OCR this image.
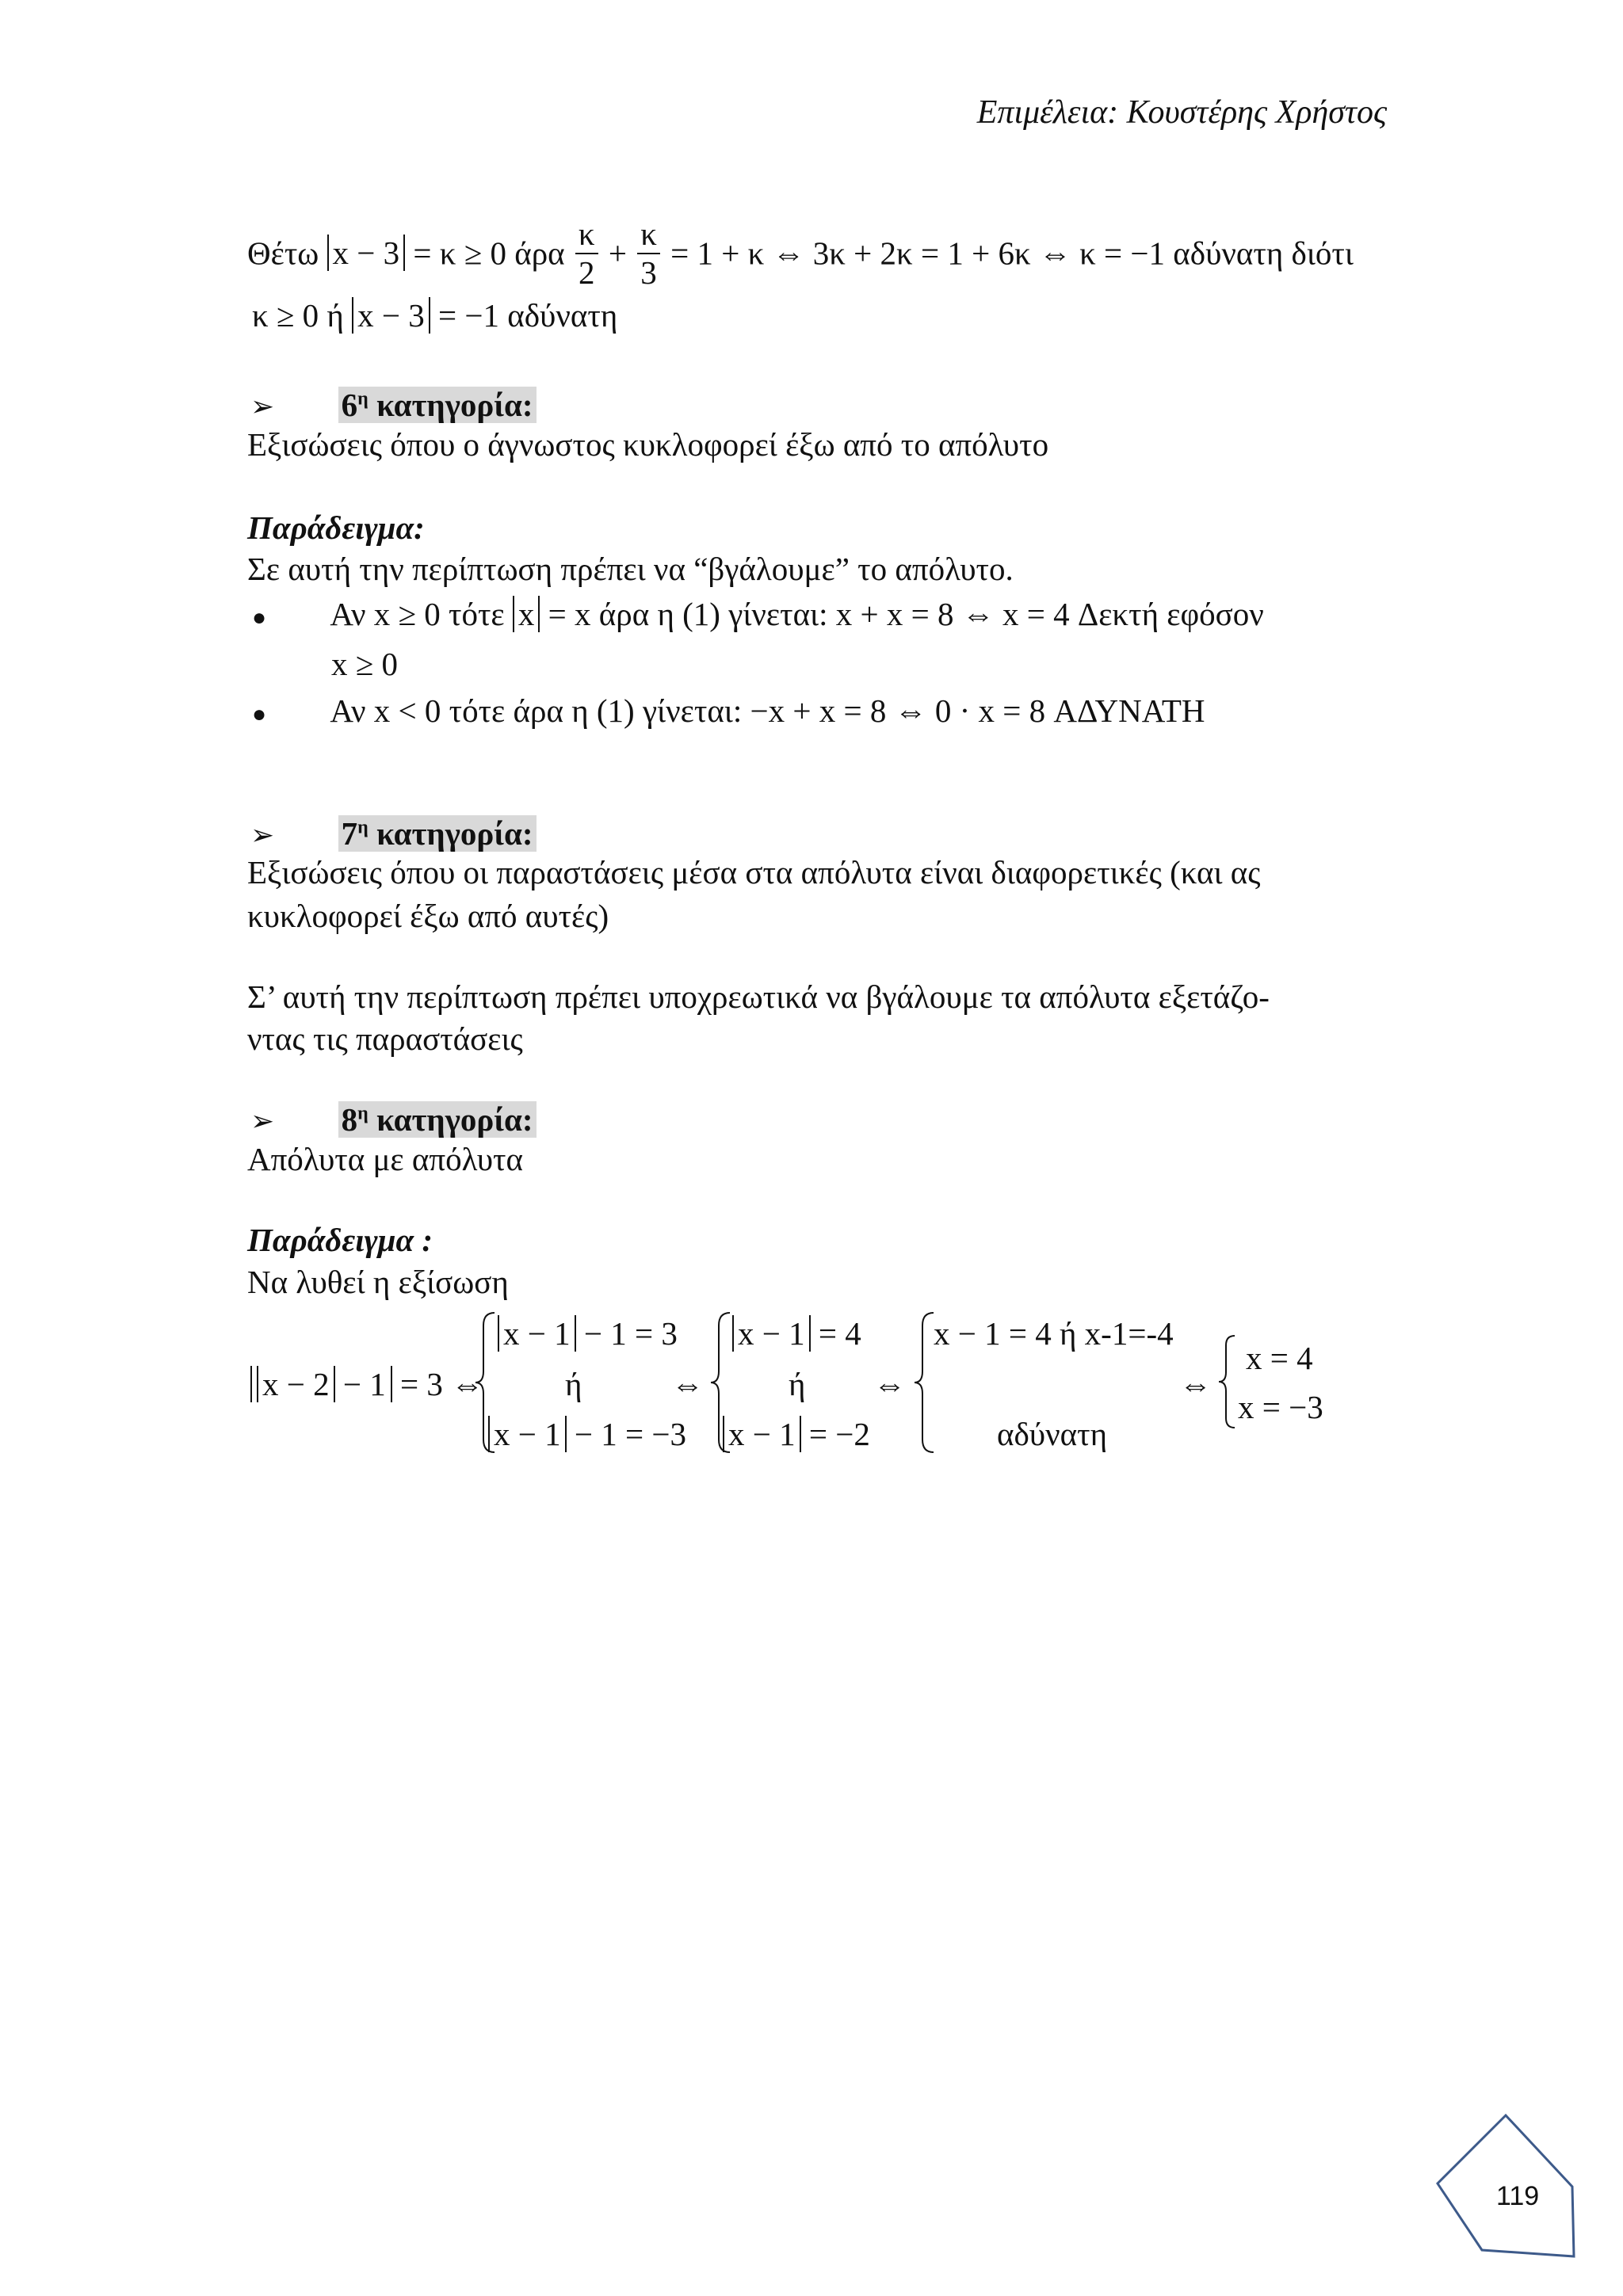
Επιμέλεια: Κουστέρης Χρήστος
Θέτω x − 3 = κ ≥ 0 άρα $\frac{\kappa}{2} + \frac{\kappa}{3} = 1 + \kappa$ ⇔ 3κ + 2κ = 1 + 6κ ⇔ κ = −1 αδύνατη διότι
κ ≥ 0 ή x − 3 = −1 αδύνατη
➢ $6^\eta$ κατηγορία:
Εξισώσεις όπου ο άγνωστος κυκλοφορεί έξω από το απόλυτο
Παράδειγμα:
Σε αυτή την περίπτωση πρέπει να “βγάλουμε” το απόλυτο.
● Αν x ≥ 0 τότε x = x άρα η (1) γίνεται: x + x = 8 ⇔ x = 4 Δεκτή εφόσον
x ≥ 0
● Αν x < 0 τότε άρα η (1) γίνεται: −x + x = 8 ⇔ 0 · x = 8 ΑΔΥΝΑΤΗ
➢ $7^\eta$ κατηγορία:
Εξισώσεις όπου οι παραστάσεις μέσα στα απόλυτα είναι διαφορετικές (και ας
κυκλοφορεί έξω από αυτές)
Σ’ αυτή την περίπτωση πρέπει υποχρεωτικά να βγάλουμε τα απόλυτα εξετάζο-
ντας τις παραστάσεις
➢ $8^\eta$ κατηγορία:
Απόλυτα με απόλυτα
Παράδειγμα :
Να λυθεί η εξίσωση
x − 2 − 1 = 3 ⇔
x − 1 − 1 = 3
ή
x − 1 − 1 = −3
⇔
x − 1 = 4
ή
x − 1 = −2
⇔
x − 1 = 4 ή x-1=-4
αδύνατη
⇔
x = 4
x = −3
119
